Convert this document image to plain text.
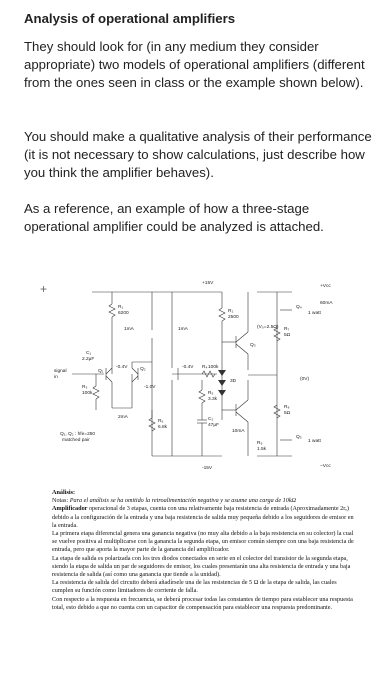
Analysis of operational amplifiers

They should look for (in any medium they consider appropriate) two models of operational amplifiers (different from the ones seen in class or the example shown below).

You should make a qualitative analysis of their performance (it is not necessary to show calculations, just describe how you think the amplifier behaves).

As a reference, an example of how a three-stage operational amplifier could be analyzed is attached.

+	+15V
-15V
+Vcc
−Vcc
R₁
6200	R₂
2500
R₃
100k
R₄ 100k
R₅
3.3k
R₆
6.8k
R₇
5Ω
R₈
5Ω
R₉
1.5k
C₁
2.2μF
C₂
47μF
1mA	1mA
2mA
10mA
60mA
-0.4V	-0.4V
-1.0V
(V₀=2.5Ω)
(0V)
Q₁	Q₂
Q₃
Q₄
Q₅
1 watt
1 watt
3D
signal
in
Q₁, Q₂ : hfe=250
matched pair

Análisis:

Notas: Para el análisis se ha omitido la retroalimentación negativa y se asume una carga de 10kΩ

Amplificador operacional de 3 etapas, cuenta con una relativamente baja resistencia de entrada (Aproximadamente 2rₑ) debido a la configuración de la entrada y una baja resistencia de salida muy pequeña debido a los seguidores de emisor en la entrada.

La primera etapa diferencial genera una ganancia negativa (no muy alta debido a la baja resistencia en su colector) la cual se vuelve positiva al multiplicarse con la ganancia la segunda etapa, un emisor común siempre con una baja resistencia de entrada, pero que aporta la mayor parte de la ganancia del amplificador.

La etapa de salida es polarizada con los tres diodos conectados en serie en el colector del transistor de la segunda etapa, siendo la etapa de salida un par de seguidores de emisor, los cuales presentarán una alta resistencia de entrada y una baja resistencia de salida (así como una ganancia que tiende a la unidad).

La resistencia de salida del circuito deberá añadírsele una de las resistencias de 5 Ω de la etapa de salida, las cuales cumplen su función como limitadores de corriente de falla.

Con respecto a la respuesta en frecuencia, se deberá procesar todas las constantes de tiempo para establecer una respuesta total, esto debido a que no cuenta con un capacitor de compensación para establecer una respuesta predominante.
